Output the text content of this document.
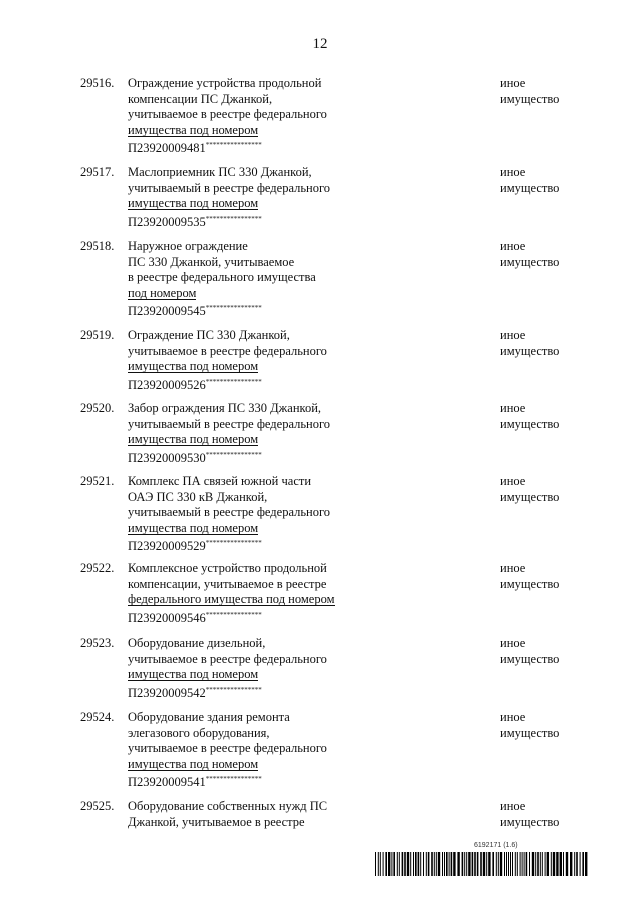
12
29516. Ограждение устройства продольной
компенсации ПС Джанкой,
учитываемое в реестре федерального
имущества под номером
П23920009481****************
иное
имущество
29517. Маслоприемник ПС 330 Джанкой,
учитываемый в реестре федерального
имущества под номером
П23920009535****************
иное
имущество
29518. Наружное ограждение
ПС 330 Джанкой, учитываемое
в реестре федерального имущества
под номером
П23920009545****************
иное
имущество
29519. Ограждение ПС 330 Джанкой,
учитываемое в реестре федерального
имущества под номером
П23920009526****************
иное
имущество
29520. Забор ограждения ПС 330 Джанкой,
учитываемый в реестре федерального
имущества под номером
П23920009530****************
иное
имущество
29521. Комплекс ПА связей южной части
ОАЭ ПС 330 кВ Джанкой,
учитываемый в реестре федерального
имущества под номером
П23920009529****************
иное
имущество
29522. Комплексное устройство продольной
компенсации, учитываемое в реестре
федерального имущества под номером
П23920009546****************
иное
имущество
29523. Оборудование дизельной,
учитываемое в реестре федерального
имущества под номером
П23920009542****************
иное
имущество
29524. Оборудование здания ремонта
элегазового оборудования,
учитываемое в реестре федерального
имущества под номером
П23920009541****************
иное
имущество
29525. Оборудование собственных нужд ПС
Джанкой, учитываемое в реестре
иное
имущество
6192171 (1.6)
